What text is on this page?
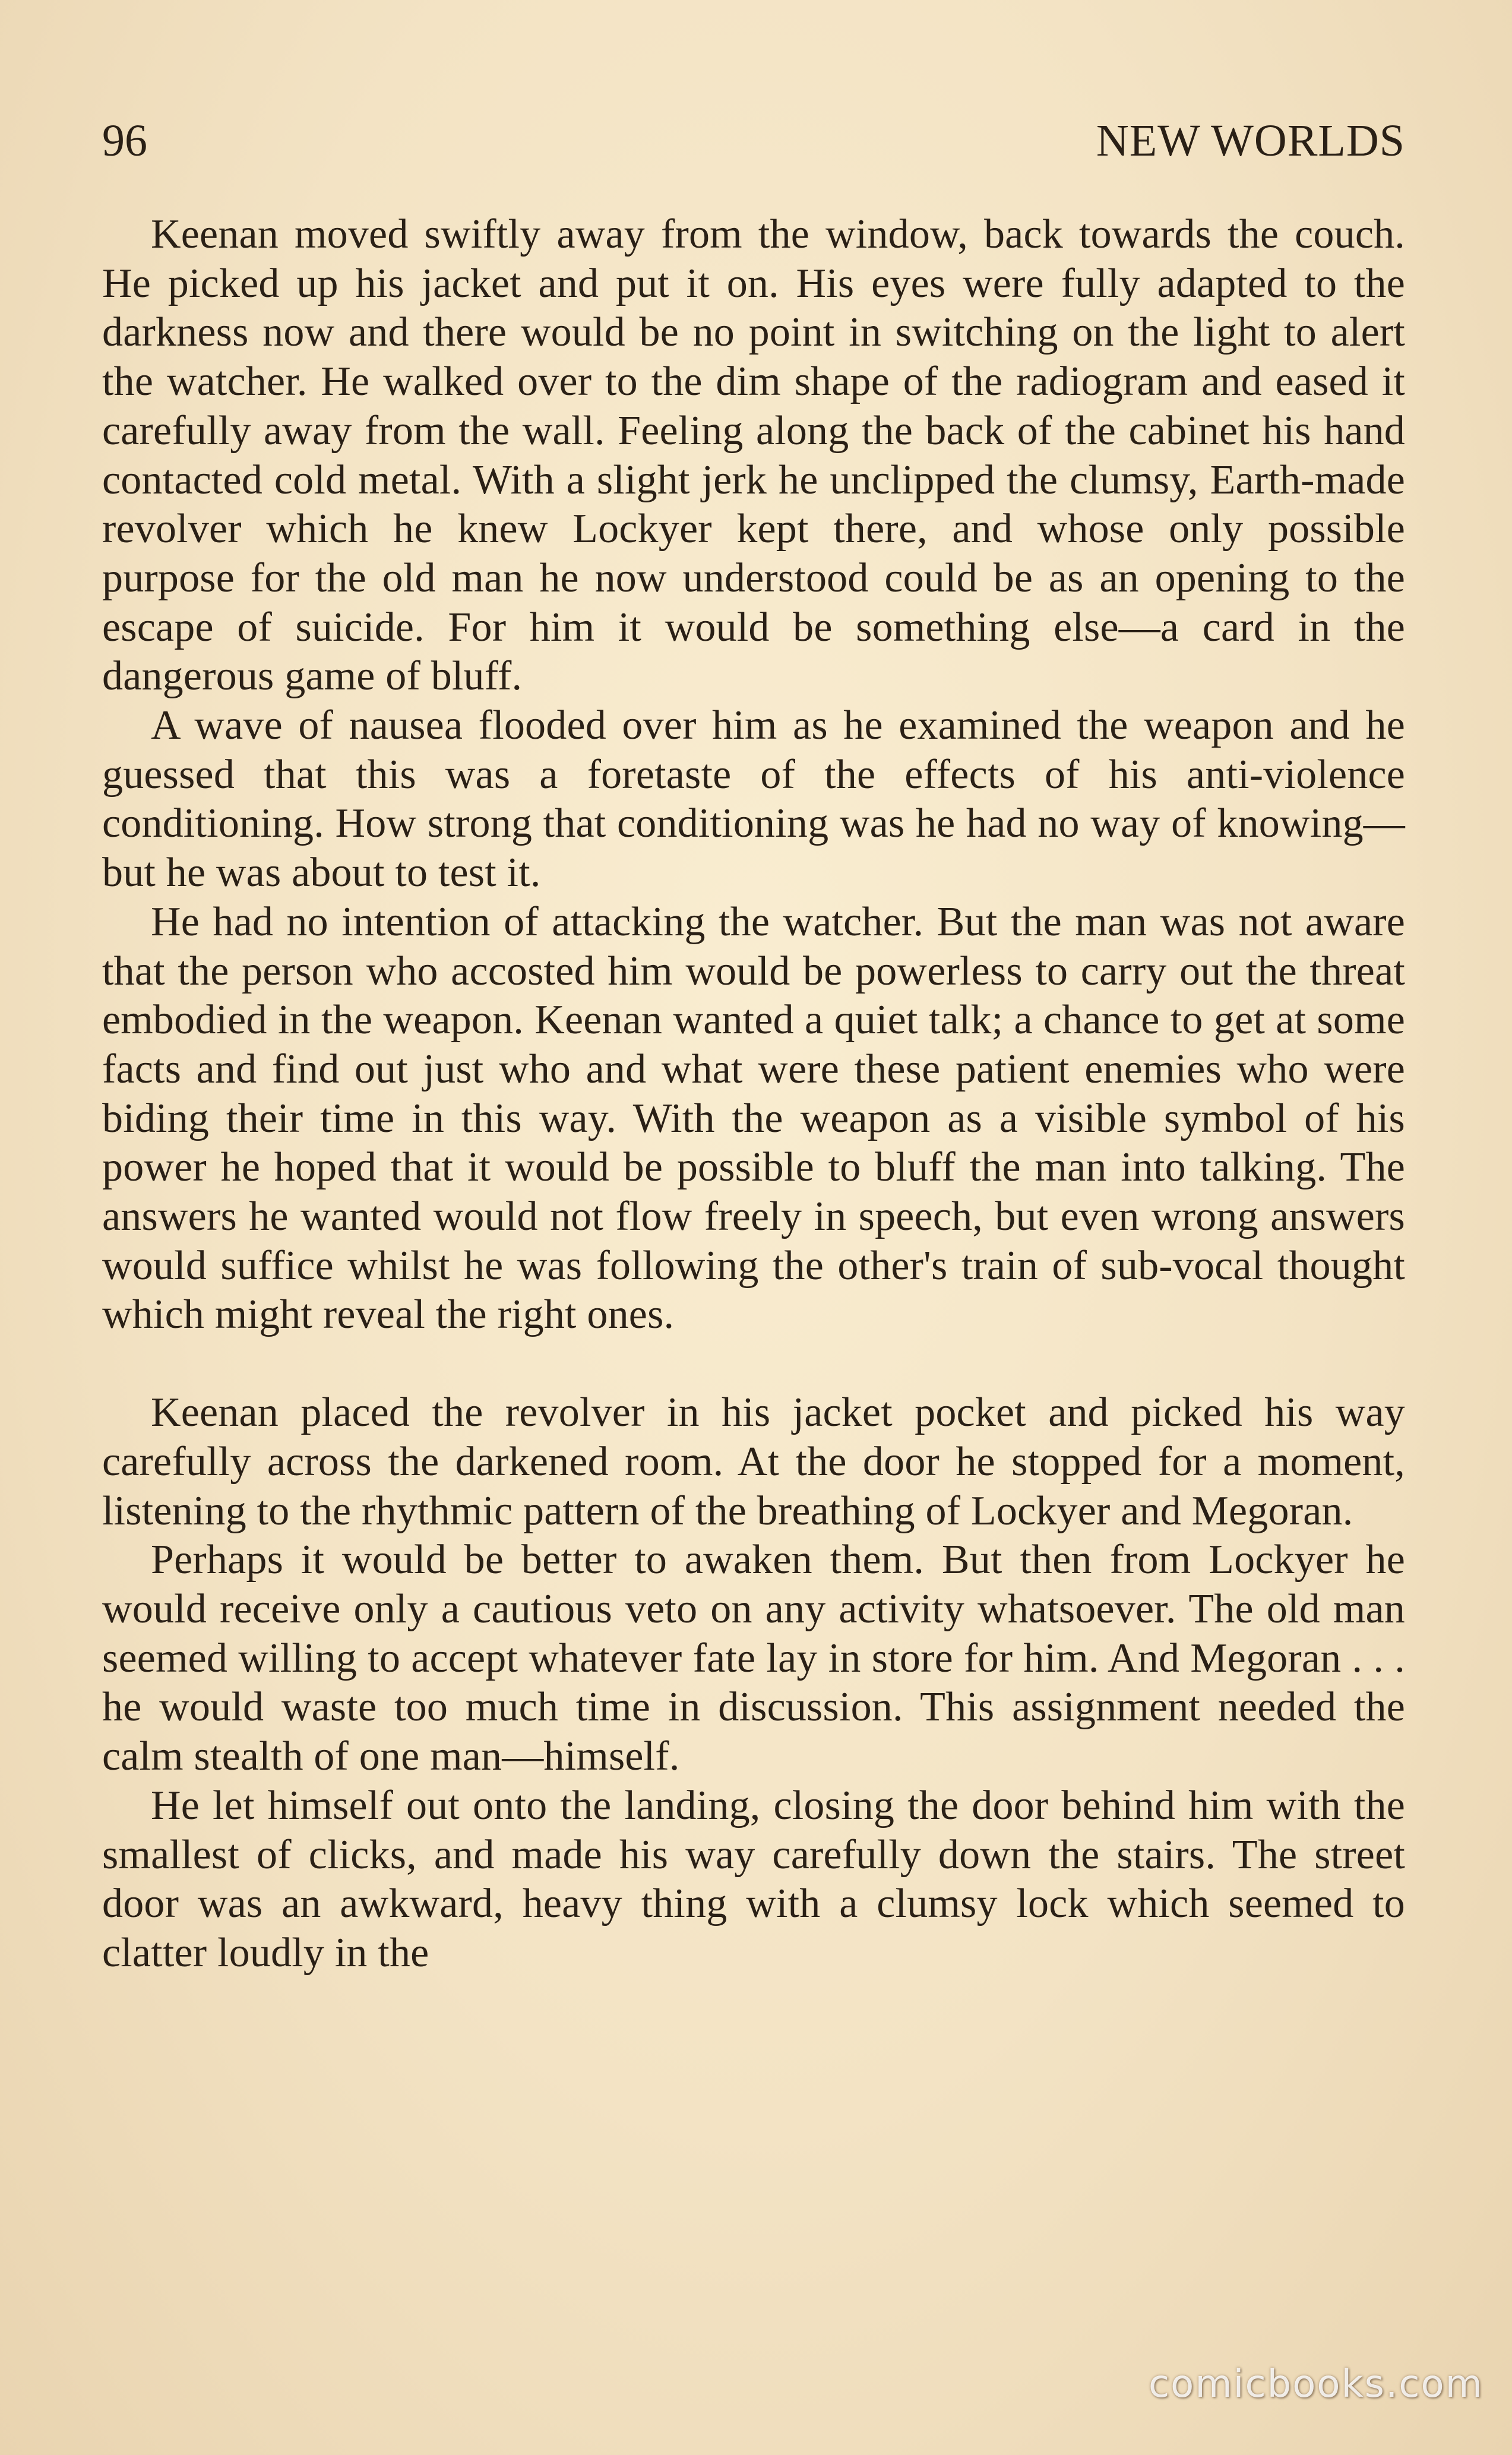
96	NEW WORLDS

Keenan moved swiftly away from the window, back towards the couch. He picked up his jacket and put it on. His eyes were fully adapted to the darkness now and there would be no point in switching on the light to alert the watcher. He walked over to the dim shape of the radiogram and eased it carefully away from the wall. Feeling along the back of the cabinet his hand contacted cold metal. With a slight jerk he unclipped the clumsy, Earth-made revolver which he knew Lockyer kept there, and whose only possible purpose for the old man he now understood could be as an opening to the escape of suicide. For him it would be something else—a card in the dangerous game of bluff.

A wave of nausea flooded over him as he examined the weapon and he guessed that this was a foretaste of the effects of his anti-violence conditioning. How strong that conditioning was he had no way of knowing—but he was about to test it.

He had no intention of attacking the watcher. But the man was not aware that the person who accosted him would be powerless to carry out the threat embodied in the weapon. Keenan wanted a quiet talk; a chance to get at some facts and find out just who and what were these patient enemies who were biding their time in this way. With the weapon as a visible symbol of his power he hoped that it would be possible to bluff the man into talking. The answers he wanted would not flow freely in speech, but even wrong answers would suffice whilst he was following the other's train of sub-vocal thought which might reveal the right ones.

Keenan placed the revolver in his jacket pocket and picked his way carefully across the darkened room. At the door he stopped for a moment, listening to the rhythmic pattern of the breathing of Lockyer and Megoran.

Perhaps it would be better to awaken them. But then from Lockyer he would receive only a cautious veto on any activity whatsoever. The old man seemed willing to accept whatever fate lay in store for him. And Megoran . . . he would waste too much time in discussion. This assignment needed the calm stealth of one man—himself.

He let himself out onto the landing, closing the door behind him with the smallest of clicks, and made his way carefully down the stairs. The street door was an awkward, heavy thing with a clumsy lock which seemed to clatter loudly in the

comicbooks.com
